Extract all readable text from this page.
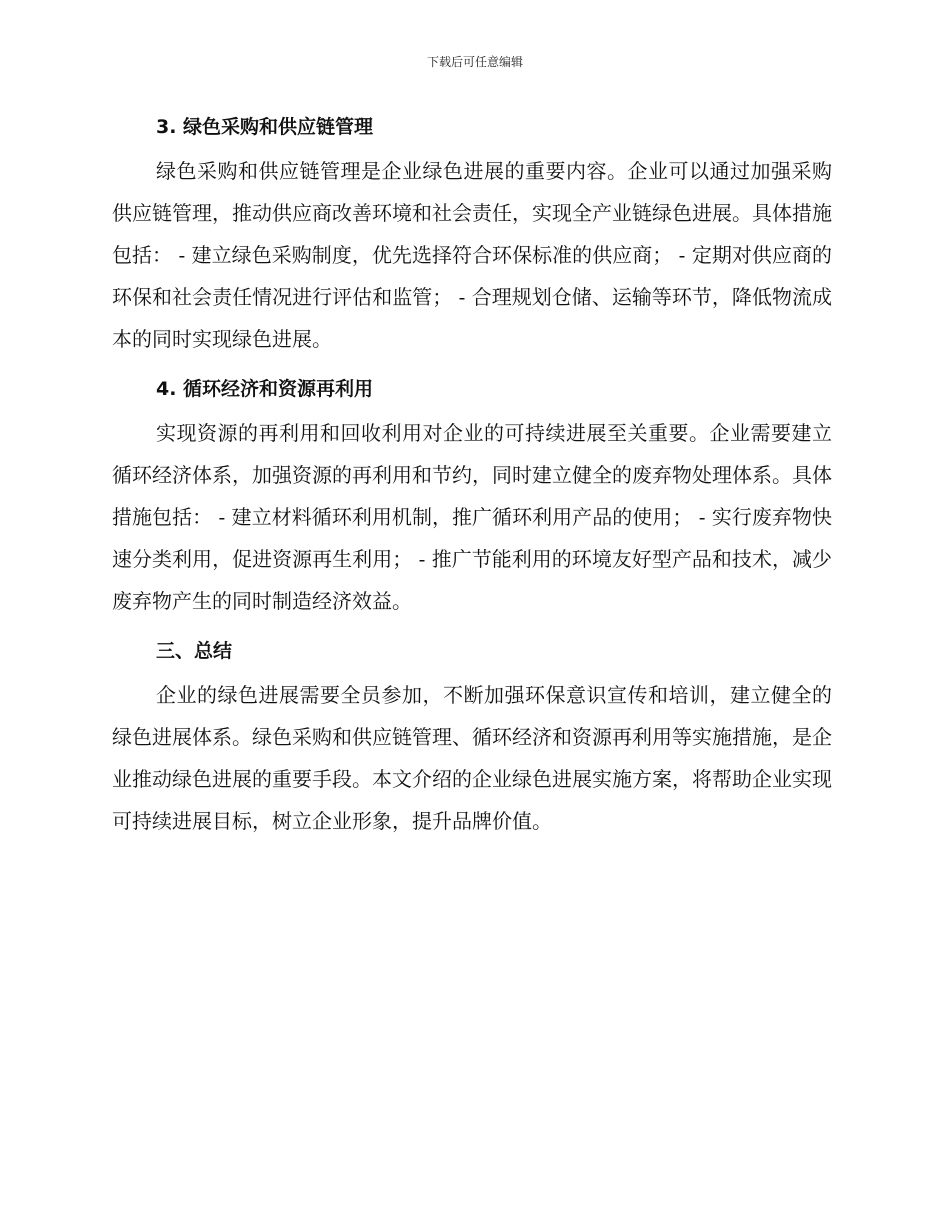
下载后可任意编辑
3. 绿色采购和供应链管理

绿色采购和供应链管理是企业绿色进展的重要内容。企业可以通过加强采购供应链管理，推动供应商改善环境和社会责任，实现全产业链绿色进展。具体措施包括： - 建立绿色采购制度，优先选择符合环保标准的供应商； - 定期对供应商的环保和社会责任情况进行评估和监管； - 合理规划仓储、运输等环节，降低物流成本的同时实现绿色进展。

4. 循环经济和资源再利用

实现资源的再利用和回收利用对企业的可持续进展至关重要。企业需要建立循环经济体系，加强资源的再利用和节约，同时建立健全的废弃物处理体系。具体措施包括： - 建立材料循环利用机制，推广循环利用产品的使用； - 实行废弃物快速分类利用，促进资源再生利用； - 推广节能利用的环境友好型产品和技术，减少废弃物产生的同时制造经济效益。

三、总结

企业的绿色进展需要全员参加，不断加强环保意识宣传和培训，建立健全的绿色进展体系。绿色采购和供应链管理、循环经济和资源再利用等实施措施，是企业推动绿色进展的重要手段。本文介绍的企业绿色进展实施方案，将帮助企业实现可持续进展目标，树立企业形象，提升品牌价值。
